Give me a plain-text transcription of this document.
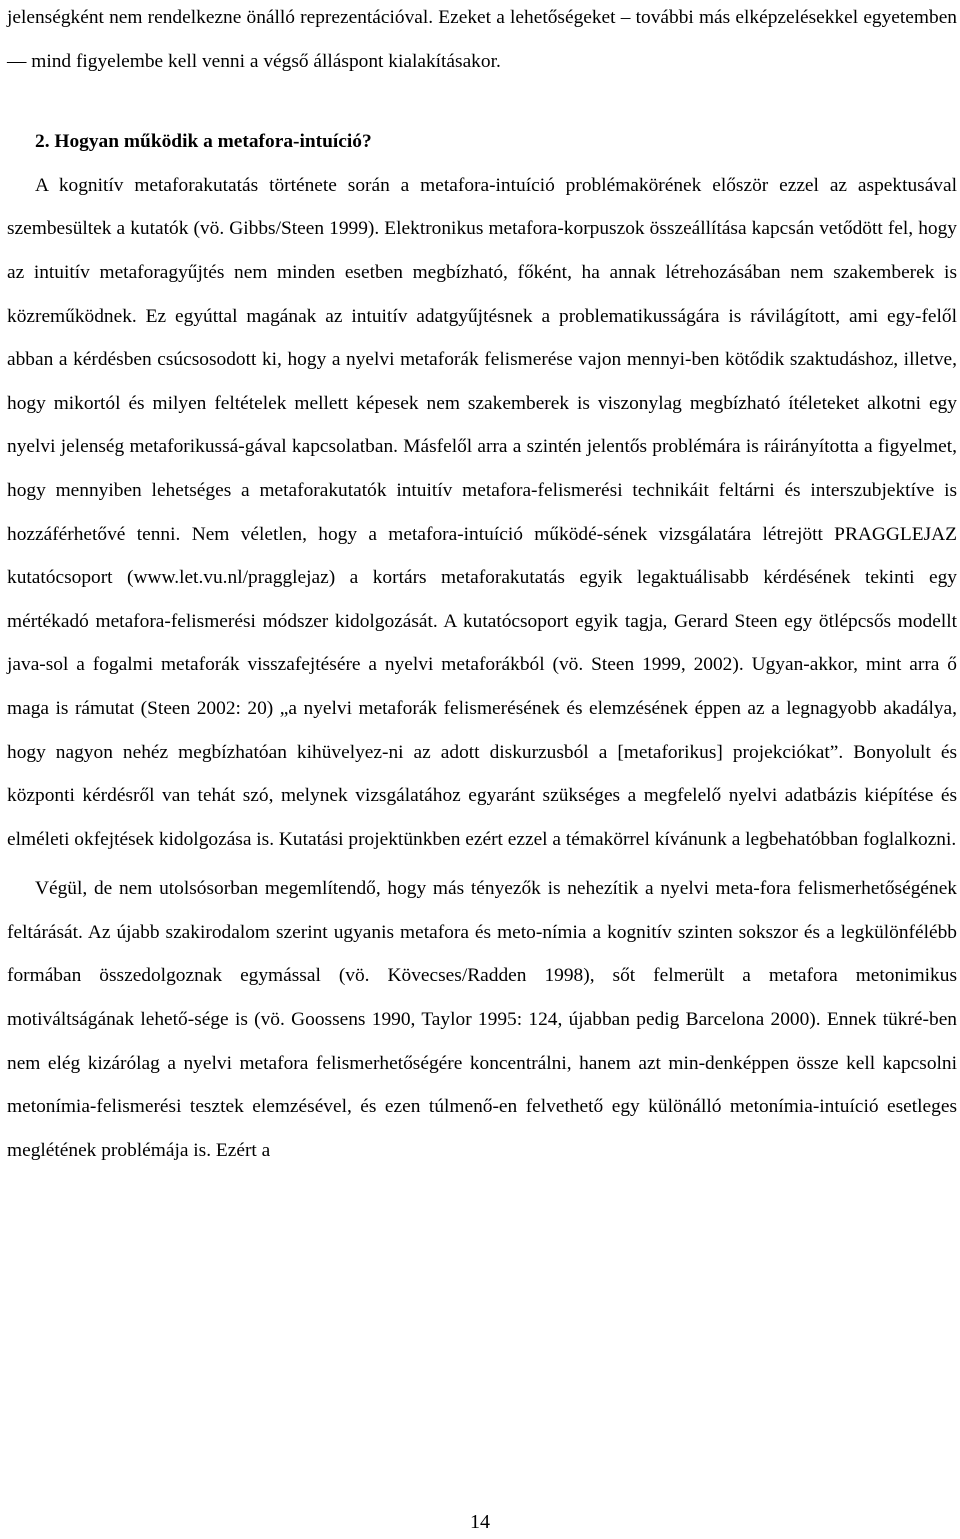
jelenségként nem rendelkezne önálló reprezentációval. Ezeket a lehetőségeket – további más elképzelésekkel egyetemben — mind figyelembe kell venni a végső álláspont kialakításakor.

2. Hogyan működik a metafora-intuíció?

A kognitív metaforakutatás története során a metafora-intuíció problémakörének először ezzel az aspektusával szembesültek a kutatók (vö. Gibbs/Steen 1999). Elektronikus metafora-korpuszok összeállítása kapcsán vetődött fel, hogy az intuitív metaforagyűjtés nem minden esetben megbízható, főként, ha annak létrehozásában nem szakemberek is közreműködnek. Ez egyúttal magának az intuitív adatgyűjtésnek a problematikusságára is rávilágított, ami egy-felől abban a kérdésben csúcsosodott ki, hogy a nyelvi metaforák felismerése vajon mennyi-ben kötődik szaktudáshoz, illetve, hogy mikortól és milyen feltételek mellett képesek nem szakemberek is viszonylag megbízható ítéleteket alkotni egy nyelvi jelenség metaforikussá-gával kapcsolatban. Másfelől arra a szintén jelentős problémára is ráirányította a figyelmet, hogy mennyiben lehetséges a metaforakutatók intuitív metafora-felismerési technikáit feltárni és interszubjektíve is hozzáférhetővé tenni. Nem véletlen, hogy a metafora-intuíció működé-sének vizsgálatára létrejött PRAGGLEJAZ kutatócsoport (www.let.vu.nl/pragglejaz) a kortárs metaforakutatás egyik legaktuálisabb kérdésének tekinti egy mértékadó metafora-felismerési módszer kidolgozását. A kutatócsoport egyik tagja, Gerard Steen egy ötlépcsős modellt java-sol a fogalmi metaforák visszafejtésére a nyelvi metaforákból (vö. Steen 1999, 2002). Ugyan-akkor, mint arra ő maga is rámutat (Steen 2002: 20) „a nyelvi metaforák felismerésének és elemzésének éppen az a legnagyobb akadálya, hogy nagyon nehéz megbízhatóan kihüvelyez-ni az adott diskurzusból a [metaforikus] projekciókat”. Bonyolult és központi kérdésről van tehát szó, melynek vizsgálatához egyaránt szükséges a megfelelő nyelvi adatbázis kiépítése és elméleti okfejtések kidolgozása is. Kutatási projektünkben ezért ezzel a témakörrel kívánunk a legbehatóbban foglalkozni.

Végül, de nem utolsósorban megemlítendő, hogy más tényezők is nehezítik a nyelvi meta-fora felismerhetőségének feltárását. Az újabb szakirodalom szerint ugyanis metafora és meto-nímia a kognitív szinten sokszor és a legkülönfélébb formában összedolgoznak egymással (vö. Kövecses/Radden 1998), sőt felmerült a metafora metonimikus motiváltságának lehető-sége is (vö. Goossens 1990, Taylor 1995: 124, újabban pedig Barcelona 2000). Ennek tükré-ben nem elég kizárólag a nyelvi metafora felismerhetőségére koncentrálni, hanem azt min-denképpen össze kell kapcsolni metonímia-felismerési tesztek elemzésével, és ezen túlmenő-en felvethető egy különálló metonímia-intuíció esetleges meglétének problémája is. Ezért a

14
